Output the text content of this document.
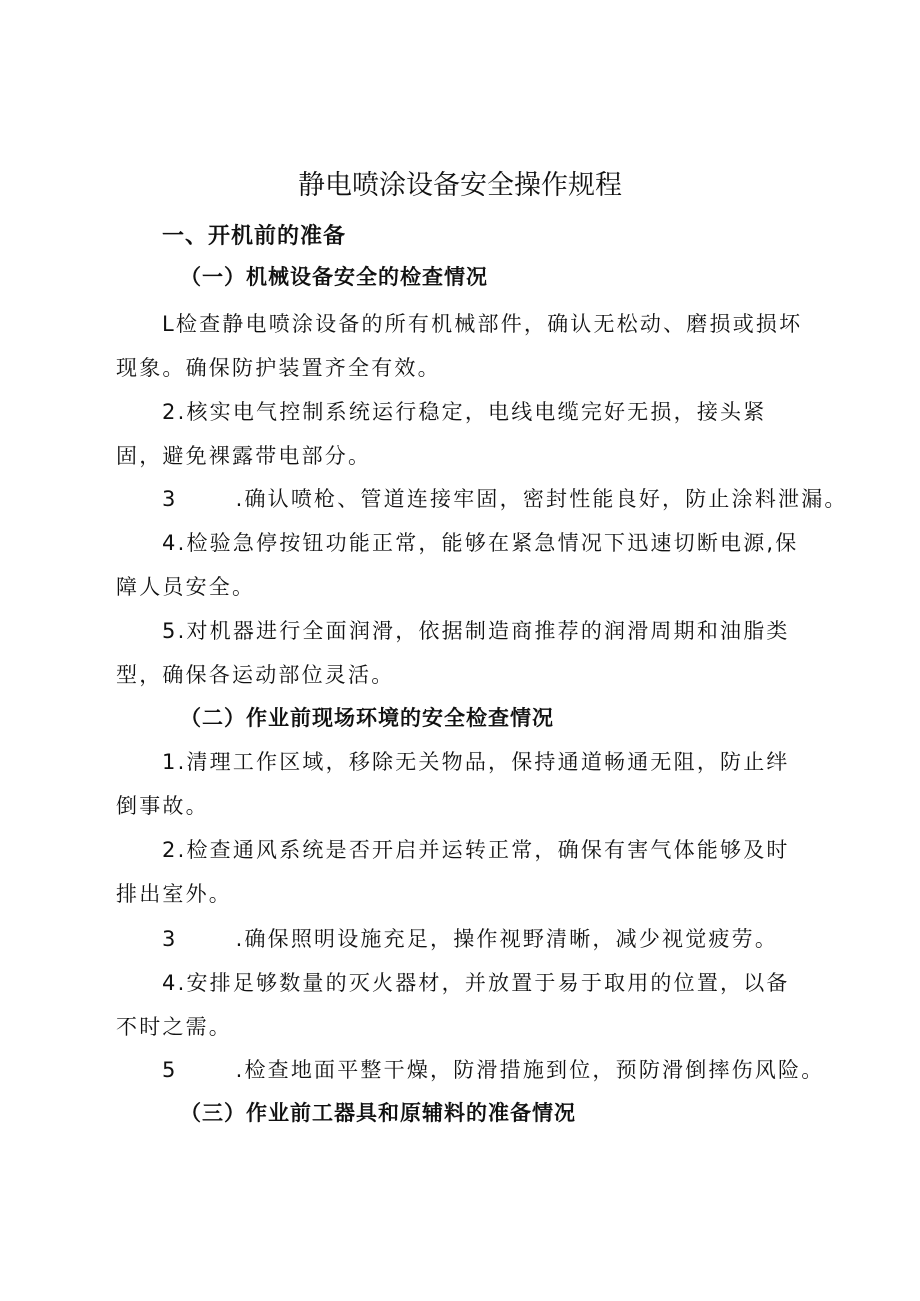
静电喷涂设备安全操作规程
一、开机前的准备
（一）机械设备安全的检查情况

L检查静电喷涂设备的所有机械部件，确认无松动、磨损或损坏现象。确保防护装置齐全有效。

2.核实电气控制系统运行稳定，电线电缆完好无损，接头紧固，避免裸露带电部分。

3	.确认喷枪、管道连接牢固，密封性能良好，防止涂料泄漏。

4.检验急停按钮功能正常，能够在紧急情况下迅速切断电源,保障人员安全。

5.对机器进行全面润滑，依据制造商推荐的润滑周期和油脂类型，确保各运动部位灵活。

（二）作业前现场环境的安全检查情况

1.清理工作区域，移除无关物品，保持通道畅通无阻，防止绊倒事故。

2.检查通风系统是否开启并运转正常，确保有害气体能够及时排出室外。

3	.确保照明设施充足，操作视野清晰，减少视觉疲劳。

4.安排足够数量的灭火器材，并放置于易于取用的位置，以备不时之需。

5	.检查地面平整干燥，防滑措施到位，预防滑倒摔伤风险。
（三）作业前工器具和原辅料的准备情况
